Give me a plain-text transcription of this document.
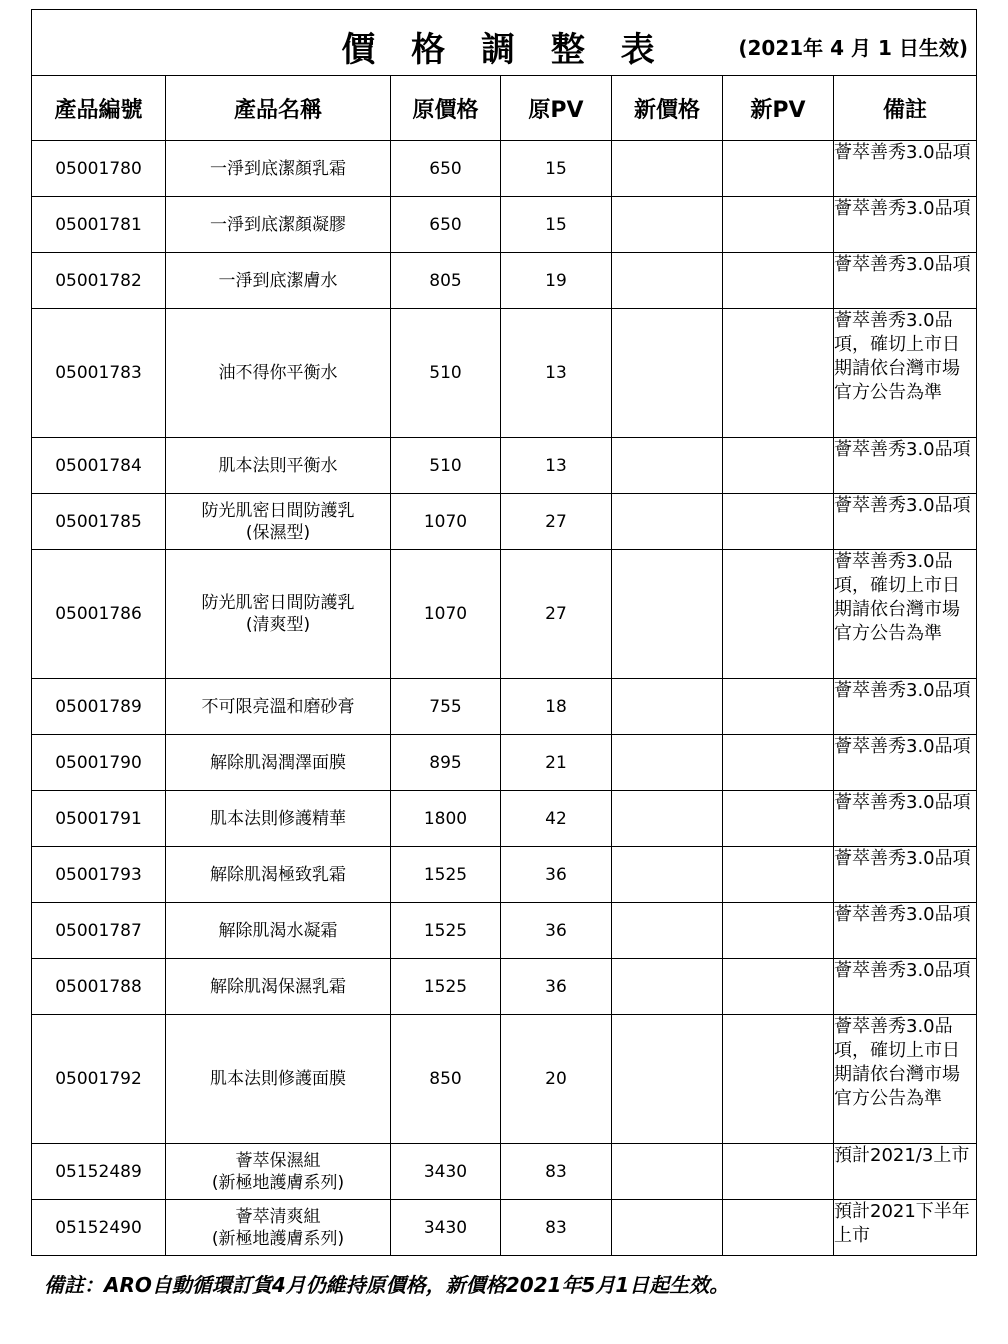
價 格 調 整 表 (2021年 4 月 1 日生效)						

產品編號	產品名稱	原價格	原PV	新價格	新PV	備註
05001780	一淨到底潔顏乳霜	650	15			薈萃善秀3.0品項
05001781	一淨到底潔顏凝膠	650	15			薈萃善秀3.0品項
05001782	一淨到底潔膚水	805	19			薈萃善秀3.0品項
05001783	油不得你平衡水	510	13			薈萃善秀3.0品項，確切上市日期請依台灣市場官方公告為準
05001784	肌本法則平衡水	510	13			薈萃善秀3.0品項
05001785	防光肌密日間防護乳
(保濕型)	1070	27			薈萃善秀3.0品項
05001786	防光肌密日間防護乳
(清爽型)	1070	27			薈萃善秀3.0品項，確切上市日期請依台灣市場官方公告為準
05001789	不可限亮溫和磨砂膏	755	18			薈萃善秀3.0品項
05001790	解除肌渴潤澤面膜	895	21			薈萃善秀3.0品項
05001791	肌本法則修護精華	1800	42			薈萃善秀3.0品項
05001793	解除肌渴極致乳霜	1525	36			薈萃善秀3.0品項
05001787	解除肌渴水凝霜	1525	36			薈萃善秀3.0品項
05001788	解除肌渴保濕乳霜	1525	36			薈萃善秀3.0品項
05001792	肌本法則修護面膜	850	20			薈萃善秀3.0品項，確切上市日期請依台灣市場官方公告為準
05152489	薈萃保濕組
(新極地護膚系列)	3430	83			預計2021/3上市
05152490	薈萃清爽組
(新極地護膚系列)	3430	83			預計2021下半年上市
備註：ARO自動循環訂貨4月仍維持原價格，新價格2021年5月1日起生效。
